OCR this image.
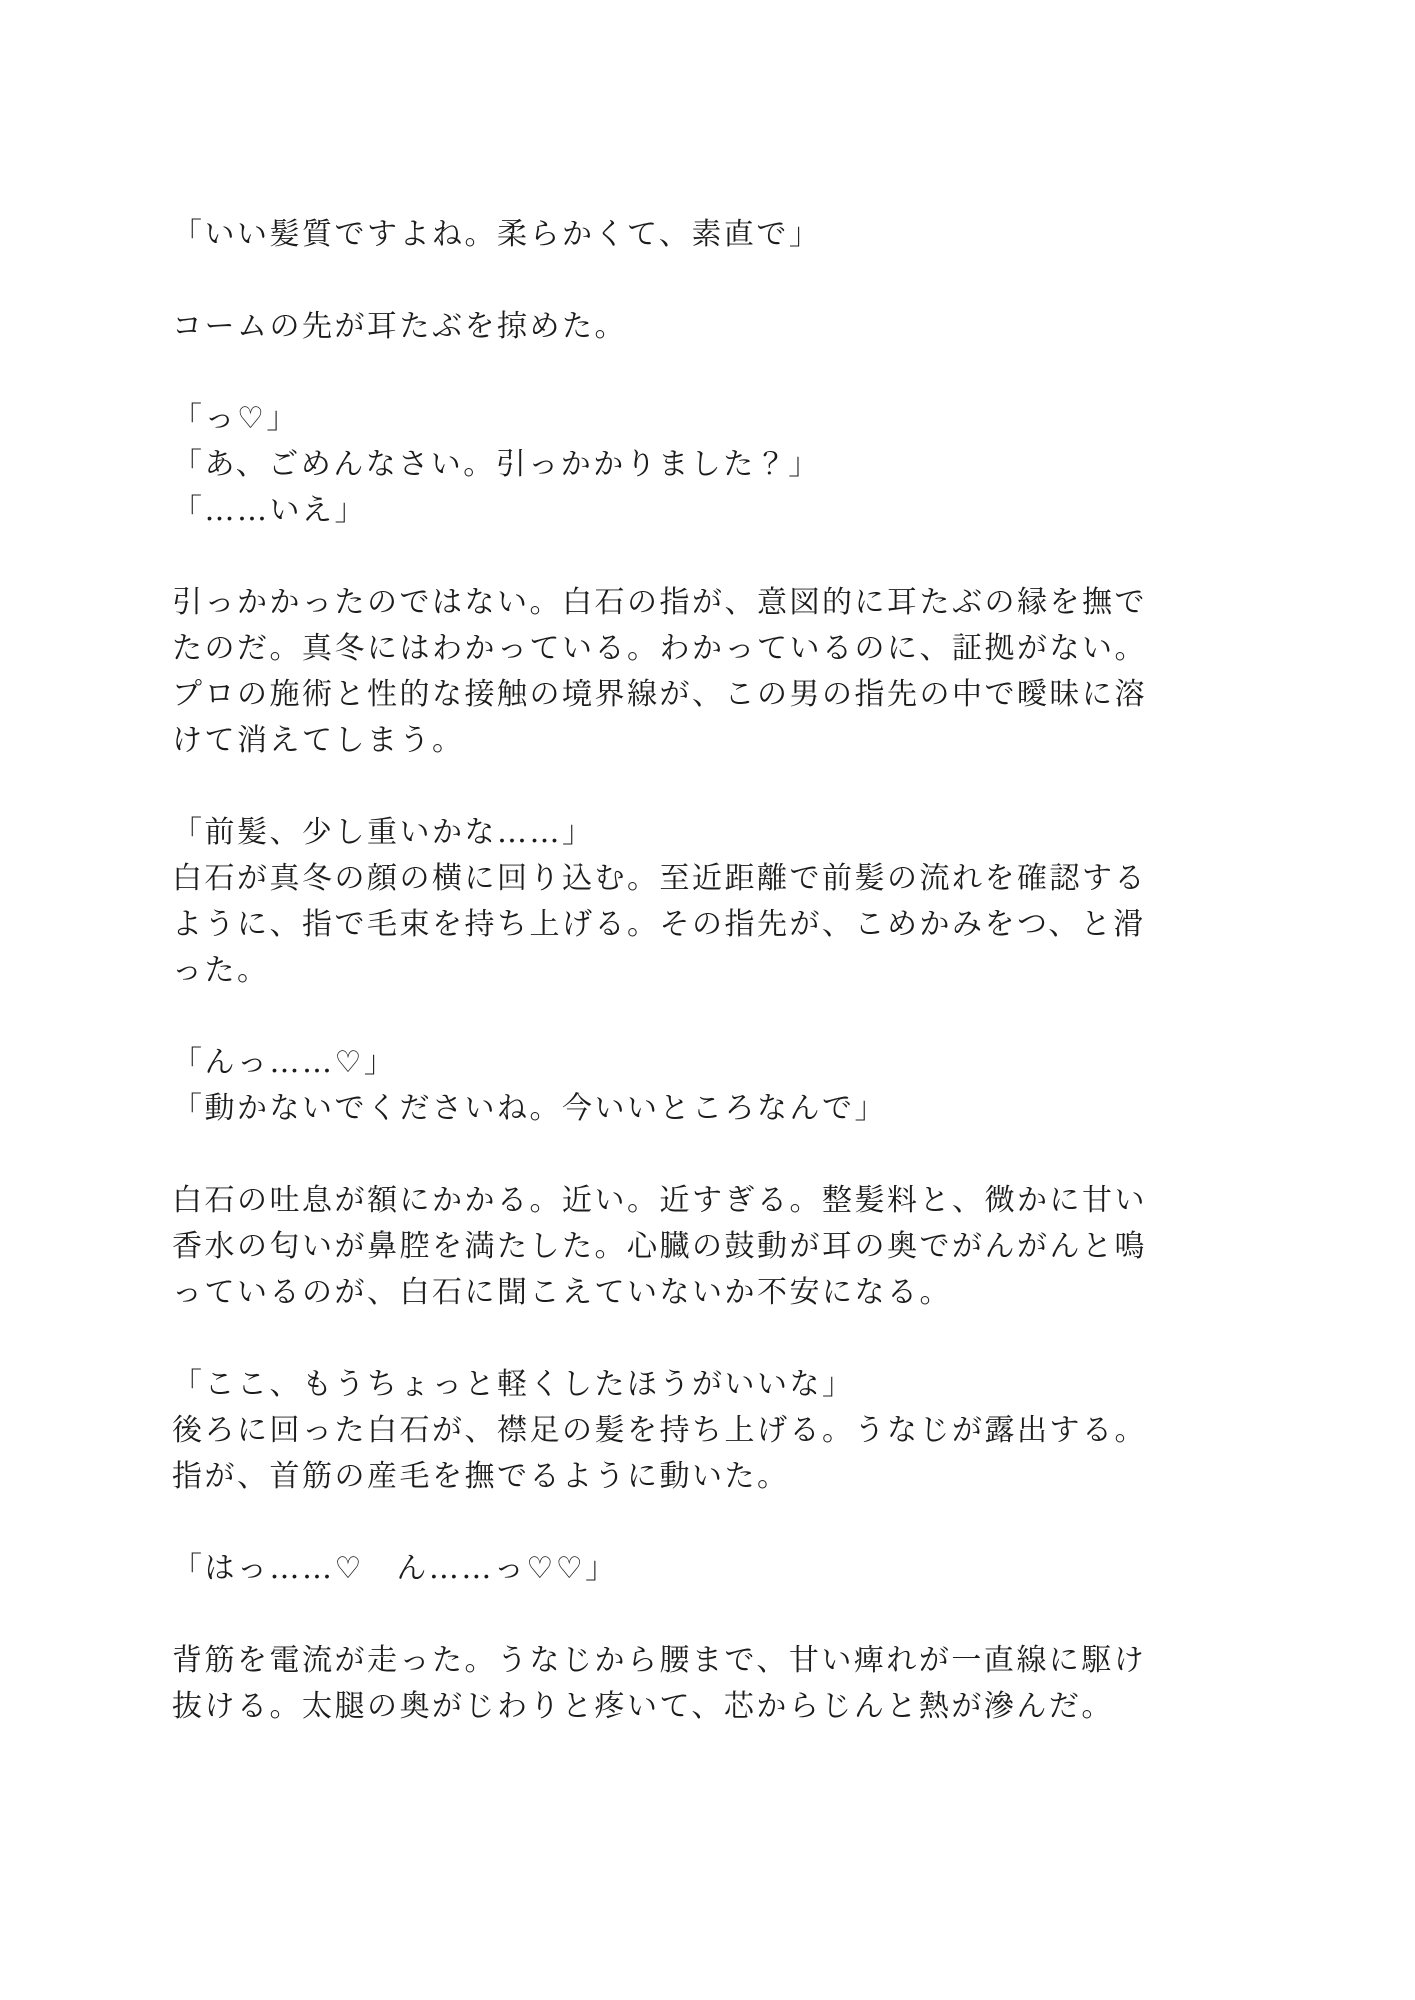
「いい髪質ですよね。柔らかくて、素直で」
コームの先が耳たぶを掠めた。
「っ♡」
「あ、ごめんなさい。引っかかりました？」
「……いえ」
引っかかったのではない。白石の指が、意図的に耳たぶの縁を撫で
たのだ。真冬にはわかっている。わかっているのに、証拠がない。
プロの施術と性的な接触の境界線が、この男の指先の中で曖昧に溶
けて消えてしまう。
「前髪、少し重いかな……」
白石が真冬の顔の横に回り込む。至近距離で前髪の流れを確認する
ように、指で毛束を持ち上げる。その指先が、こめかみをつ、と滑
った。
「んっ……♡」
「動かないでくださいね。今いいところなんで」
白石の吐息が額にかかる。近い。近すぎる。整髪料と、微かに甘い
香水の匂いが鼻腔を満たした。心臓の鼓動が耳の奥でがんがんと鳴
っているのが、白石に聞こえていないか不安になる。
「ここ、もうちょっと軽くしたほうがいいな」
後ろに回った白石が、襟足の髪を持ち上げる。うなじが露出する。
指が、首筋の産毛を撫でるように動いた。
「はっ……♡　ん……っ♡♡」
背筋を電流が走った。うなじから腰まで、甘い痺れが一直線に駆け
抜ける。太腿の奥がじわりと疼いて、芯からじんと熱が滲んだ。
